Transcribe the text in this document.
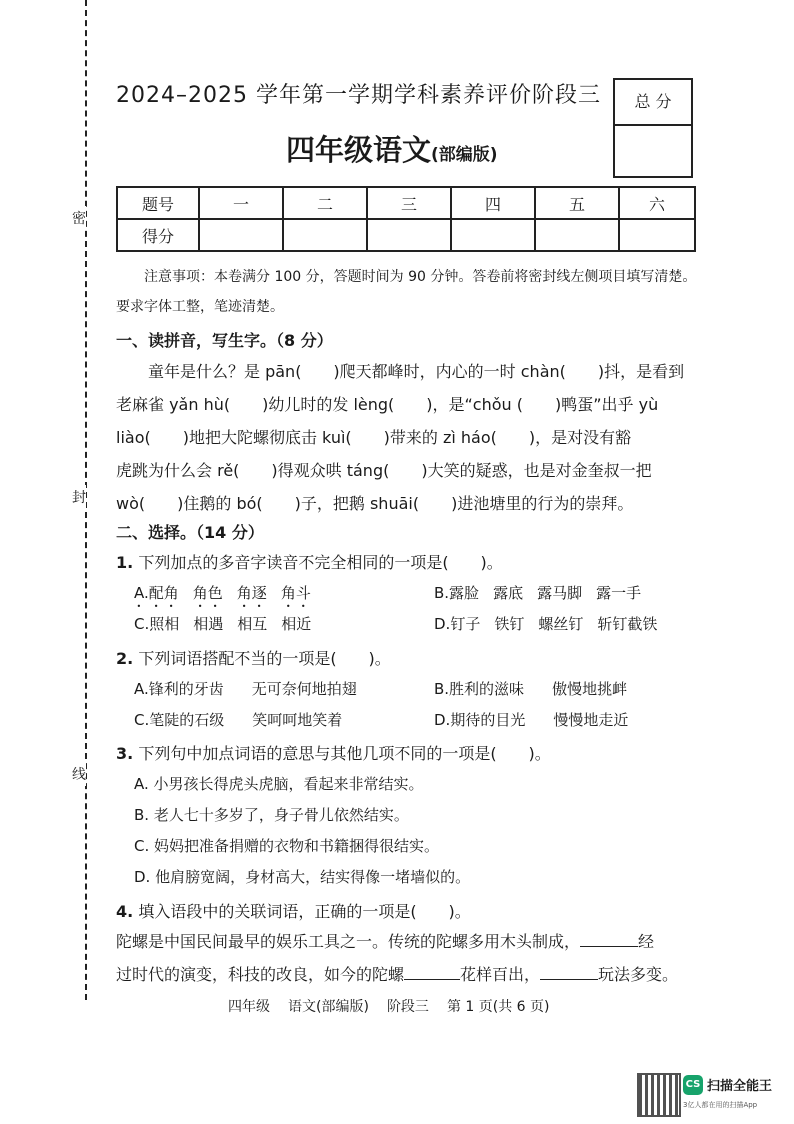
密
封
线
2024–2025 学年第一学期学科素养评价阶段三
四年级语文(部编版)
总 分
题号	一	二	三	四	五	六
得分						
注意事项：本卷满分 100 分，答题时间为 90 分钟。答卷前将密封线左侧项目填写清楚。
要求字体工整，笔迹清楚。
一、读拼音，写生字。（8 分）
　　童年是什么？是 pān(　　)爬天都峰时，内心的一时 chàn(　　)抖，是看到
老麻雀 yǎn hù(　　)幼儿时的发 lèng(　　)，是“chǒu (　　)鸭蛋”出乎 yù
liào(　　)地把大陀螺彻底击 kuì(　　)带来的 zì háo(　　)，是对没有豁
虎跳为什么会 rě(　　)得观众哄 táng(　　)大笑的疑惑，也是对金奎叔一把
wò(　　)住鹅的 bó(　　)子，把鹅 shuāi(　　)进池塘里的行为的崇拜。
二、选择。（14 分）
1. 下列加点的多音字读音不完全相同的一项是(　　)。
A.配角 角色 角逐 角斗	B.露脸 露底 露马脚 露一手
C.照相 相遇 相互 相近	D.钉子 铁钉 螺丝钉 斩钉截铁
2. 下列词语搭配不当的一项是(　　)。
A.锋利的牙齿 无可奈何地拍翅	B.胜利的滋味 傲慢地挑衅
C.笔陡的石级 笑呵呵地笑着	D.期待的目光 慢慢地走近
3. 下列句中加点词语的意思与其他几项不同的一项是(　　)。
A. 小男孩长得虎头虎脑，看起来非常结实。
B. 老人七十多岁了，身子骨儿依然结实。
C. 妈妈把准备捐赠的衣物和书籍捆得很结实。
D. 他肩膀宽阔，身材高大，结实得像一堵墙似的。
4. 填入语段中的关联词语，正确的一项是(　　)。
陀螺是中国民间最早的娱乐工具之一。传统的陀螺多用木头制成，	经
过时代的演变，科技的改良，如今的陀螺	花样百出，	玩法多变。
四年级 语文(部编版) 阶段三 第 1 页(共 6 页)
CS 扫描全能王
3亿人都在用的扫描App
